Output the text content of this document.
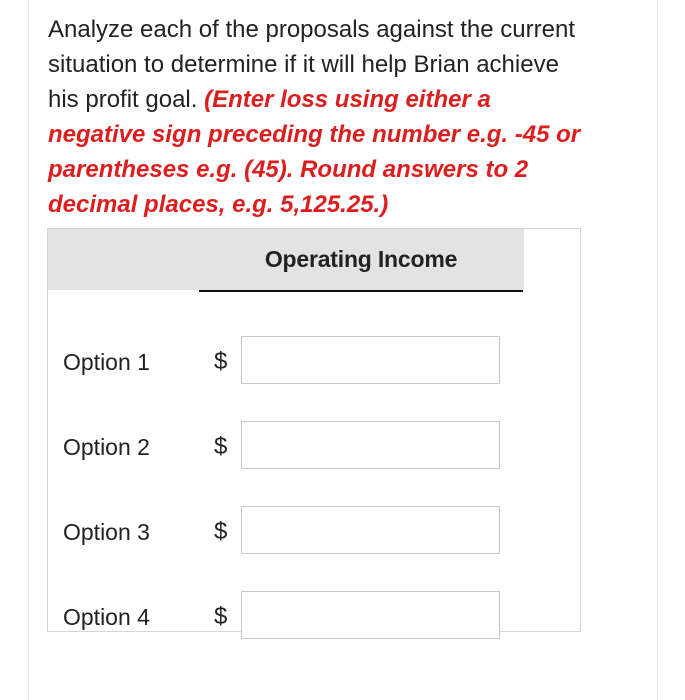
Analyze each of the proposals against the current situation to determine if it will help Brian achieve his profit goal. (Enter loss using either a negative sign preceding the number e.g. -45 or parentheses e.g. (45). Round answers to 2 decimal places, e.g. 5,125.25.)
Operating Income
Option 1	$
Option 2	$
Option 3	$
Option 4	$
